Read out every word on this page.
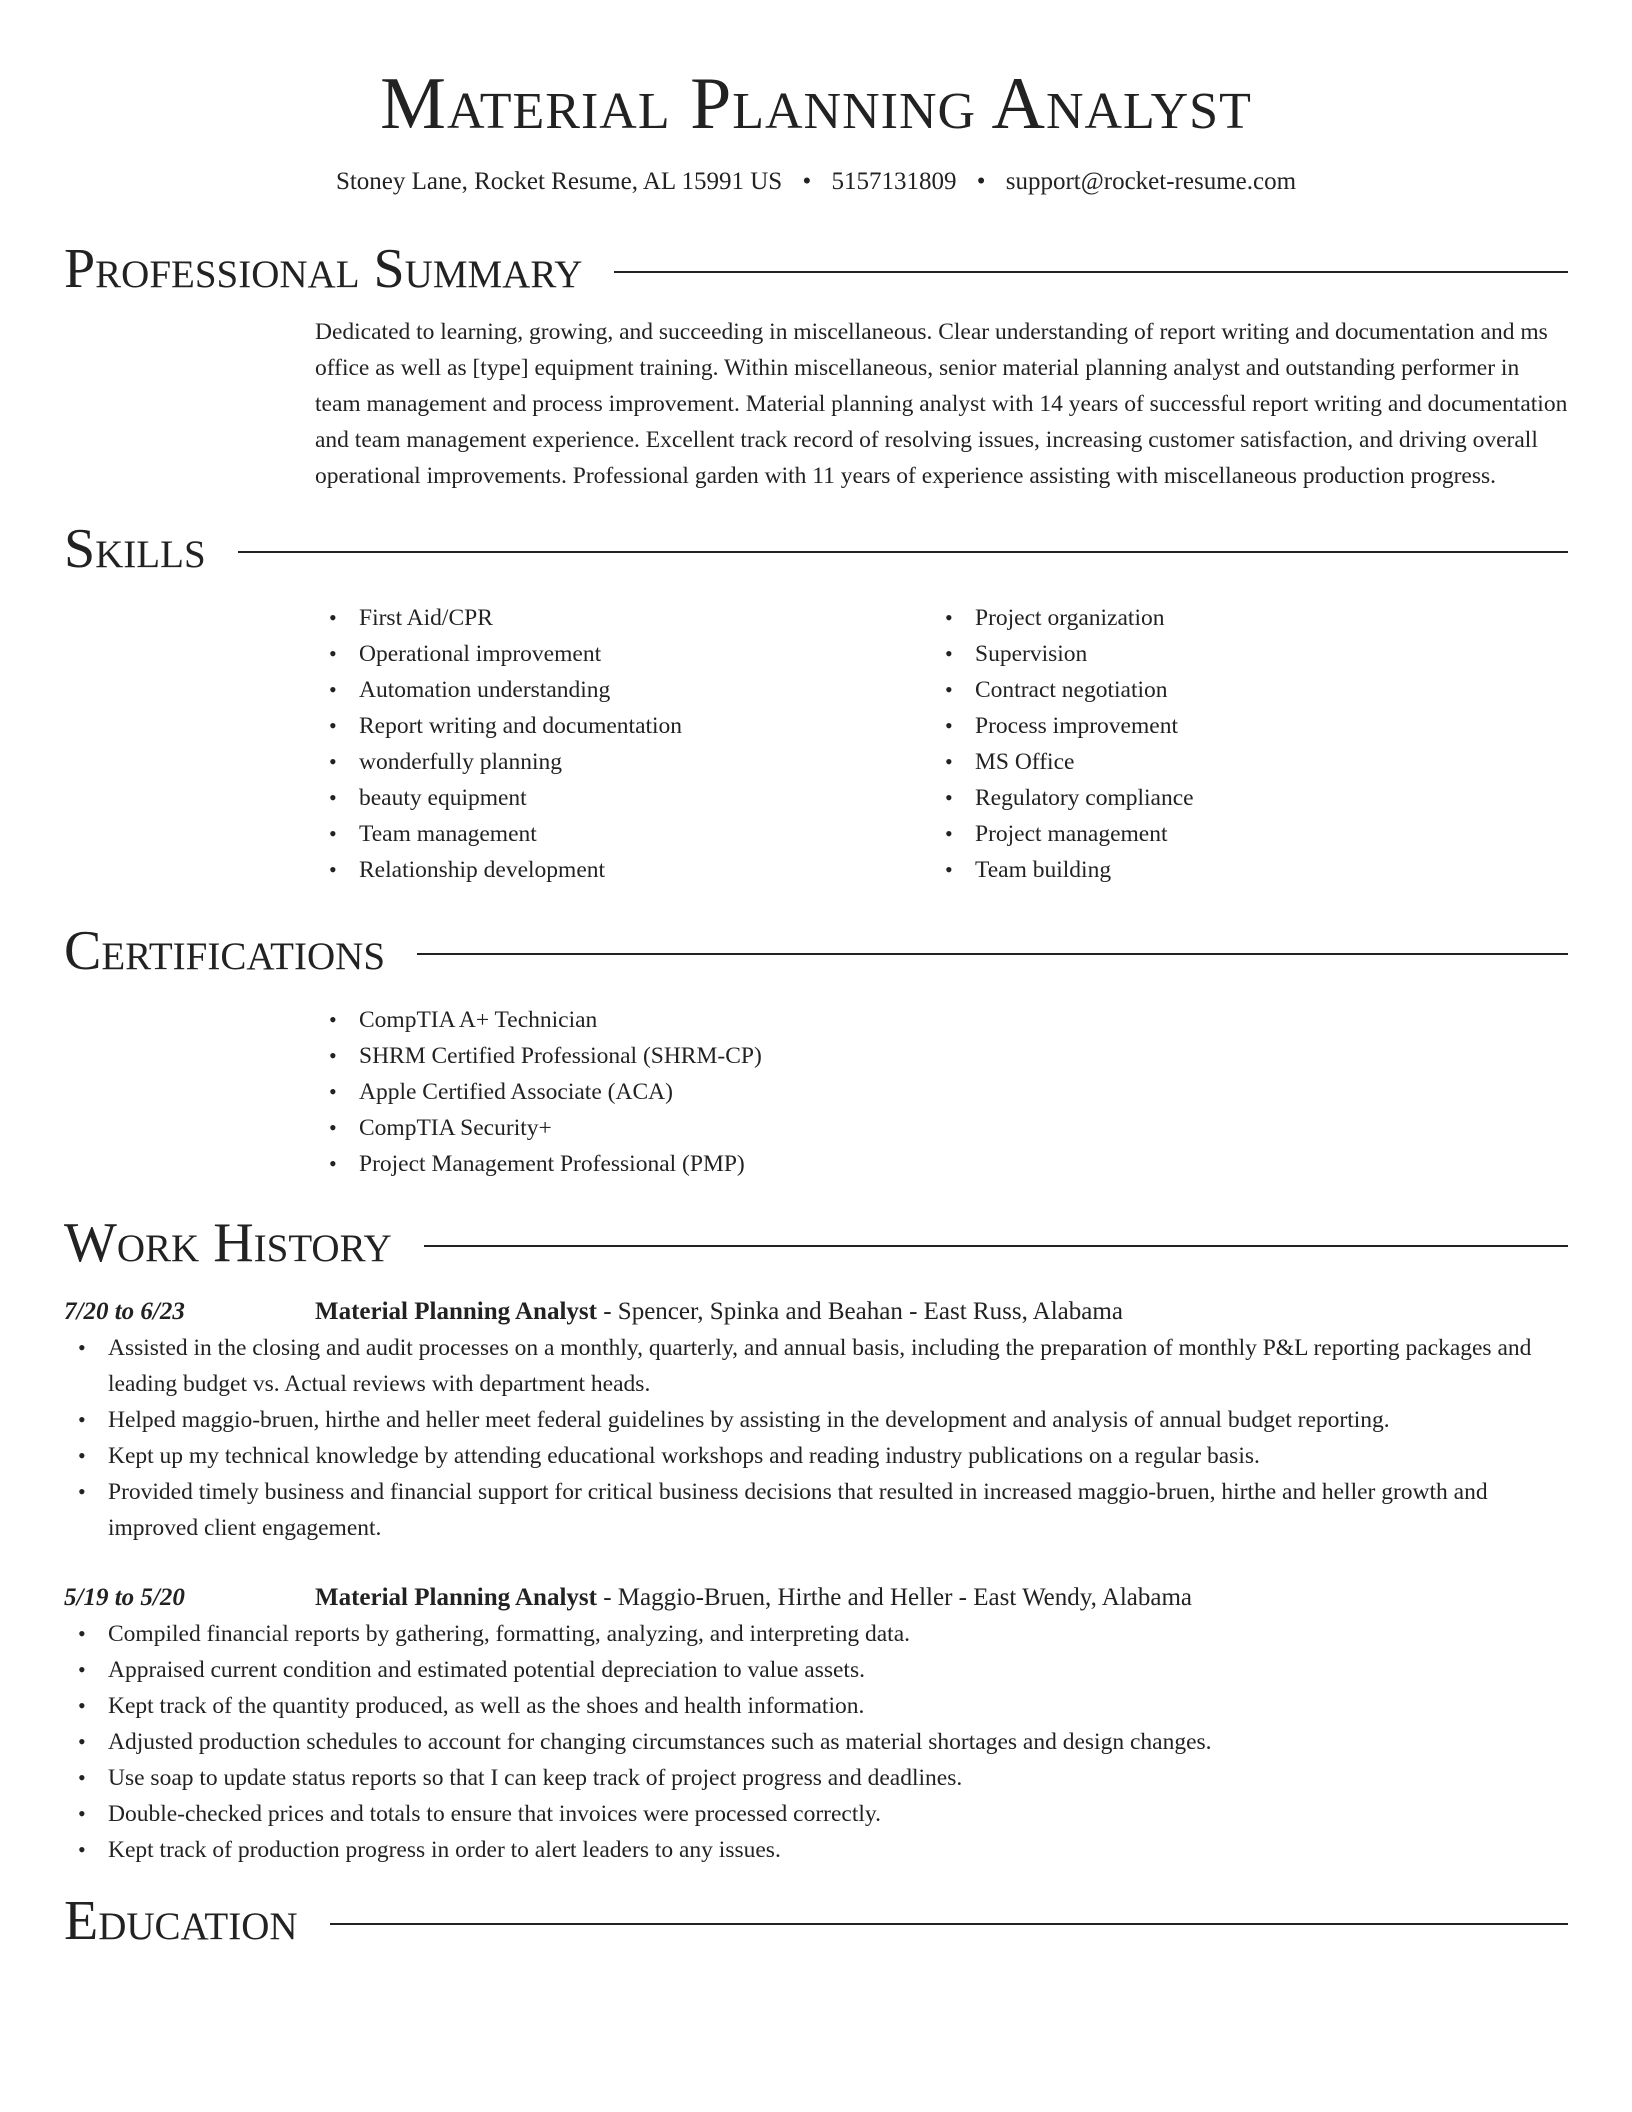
Material Planning Analyst
Stoney Lane, Rocket Resume, AL 15991 US • 5157131809 • support@rocket-resume.com
Professional Summary

Dedicated to learning, growing, and succeeding in miscellaneous. Clear understanding of report writing and documentation and ms office as well as [type] equipment training. Within miscellaneous, senior material planning analyst and outstanding performer in team management and process improvement. Material planning analyst with 14 years of successful report writing and documentation and team management experience. Excellent track record of resolving issues, increasing customer satisfaction, and driving overall operational improvements. Professional garden with 11 years of experience assisting with miscellaneous production progress.

Skills
• First Aid/CPR
• Operational improvement
• Automation understanding
• Report writing and documentation
• wonderfully planning
• beauty equipment
• Team management
• Relationship development
• Project organization
• Supervision
• Contract negotiation
• Process improvement
• MS Office
• Regulatory compliance
• Project management
• Team building
Certifications
• CompTIA A+ Technician
• SHRM Certified Professional (SHRM-CP)
• Apple Certified Associate (ACA)
• CompTIA Security+
• Project Management Professional (PMP)
Work History
7/20 to 6/23	Material Planning Analyst - Spencer, Spinka and Beahan - East Russ, Alabama
• Assisted in the closing and audit processes on a monthly, quarterly, and annual basis, including the preparation of monthly P&L reporting packages and leading budget vs. Actual reviews with department heads.
• Helped maggio-bruen, hirthe and heller meet federal guidelines by assisting in the development and analysis of annual budget reporting.
• Kept up my technical knowledge by attending educational workshops and reading industry publications on a regular basis.
• Provided timely business and financial support for critical business decisions that resulted in increased maggio-bruen, hirthe and heller growth and improved client engagement.
5/19 to 5/20	Material Planning Analyst - Maggio-Bruen, Hirthe and Heller - East Wendy, Alabama
• Compiled financial reports by gathering, formatting, analyzing, and interpreting data.
• Appraised current condition and estimated potential depreciation to value assets.
• Kept track of the quantity produced, as well as the shoes and health information.
• Adjusted production schedules to account for changing circumstances such as material shortages and design changes.
• Use soap to update status reports so that I can keep track of project progress and deadlines.
• Double-checked prices and totals to ensure that invoices were processed correctly.
• Kept track of production progress in order to alert leaders to any issues.
Education
